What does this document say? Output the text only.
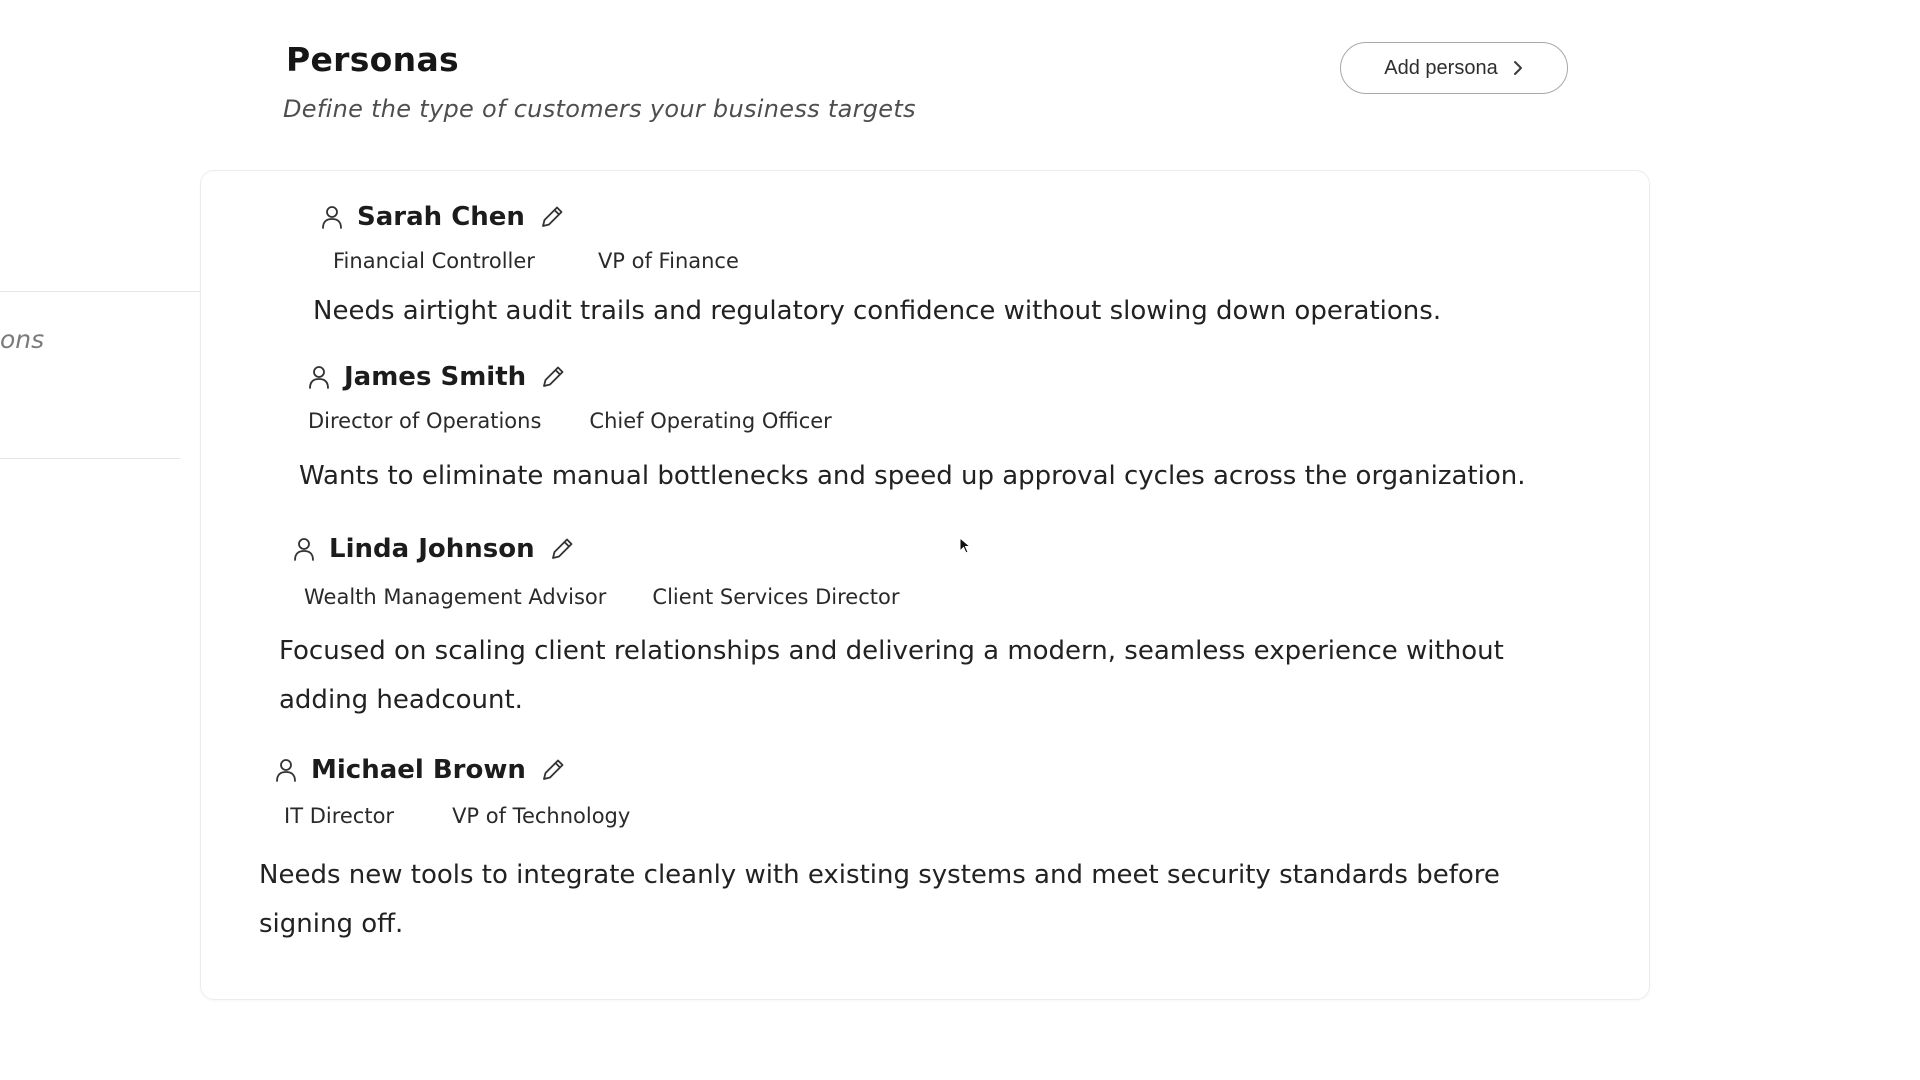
ons
Personas
Define the type of customers your business targets
Add persona
Sarah Chen
Financial Controller	VP of Finance
Needs airtight audit trails and regulatory confidence without slowing down operations.
James Smith
Director of Operations Chief Operating Officer
Wants to eliminate manual bottlenecks and speed up approval cycles across the organization.
Linda Johnson
Wealth Management Advisor Client Services Director
Focused on scaling client relationships and delivering a modern, seamless experience without adding headcount.
Michael Brown
IT Director	VP of Technology
Needs new tools to integrate cleanly with existing systems and meet security standards before signing off.
